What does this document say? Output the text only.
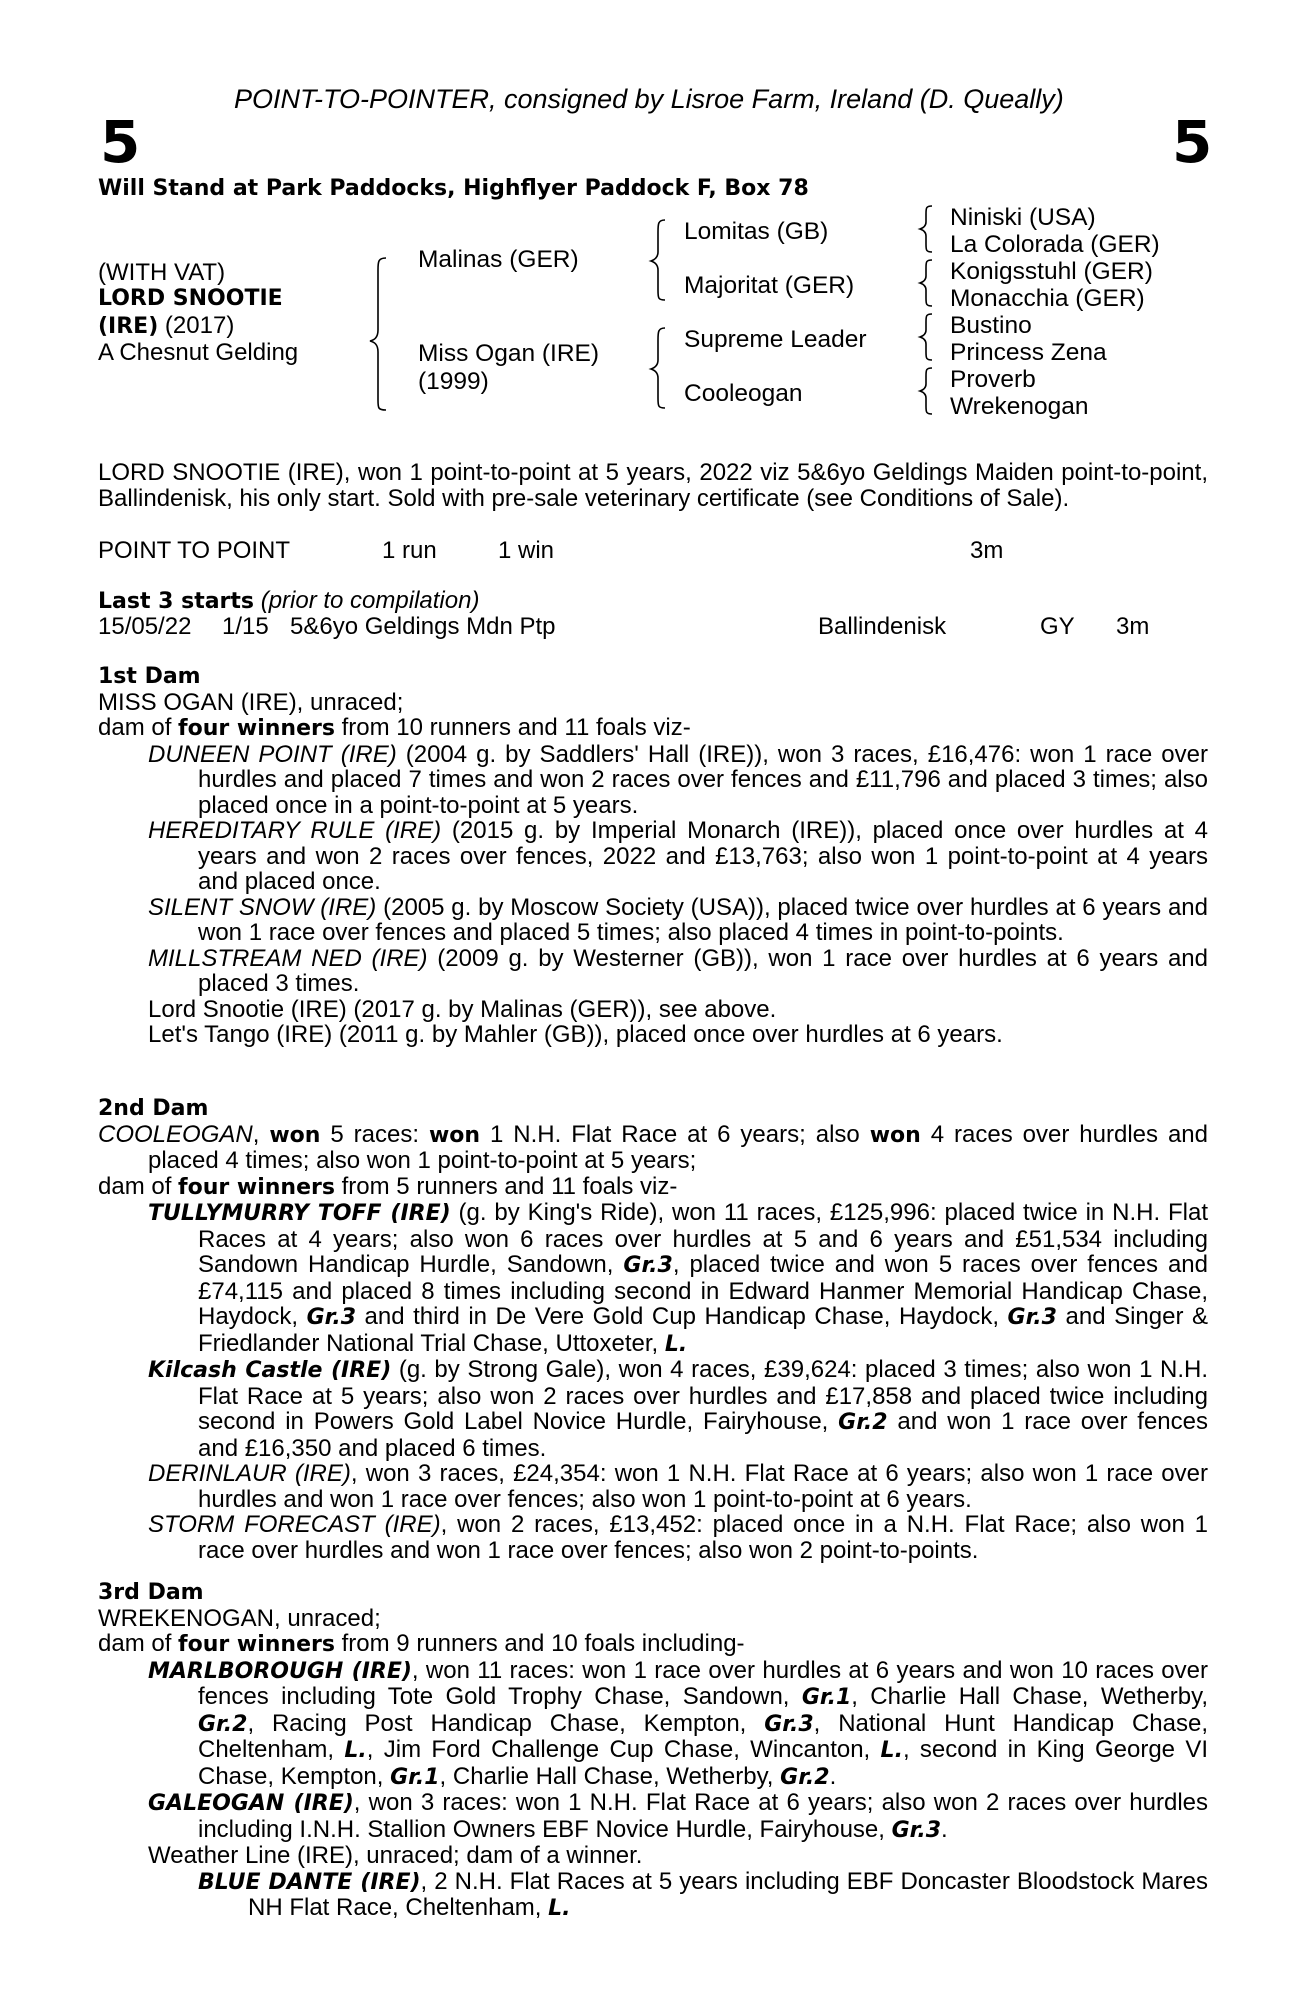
POINT-TO-POINTER, consigned by Lisroe Farm, Ireland (D. Queally)
5	5
Will Stand at Park Paddocks, Highflyer Paddock F, Box 78
(WITH VAT)
LORD SNOOTIE
(IRE) (2017)
A Chesnut Gelding
Malinas (GER)
Miss Ogan (IRE)
(1999)
Lomitas (GB)
Majoritat (GER)
Supreme Leader
Cooleogan
Niniski (USA)
La Colorada (GER)
Konigsstuhl (GER)
Monacchia (GER)
Bustino
Princess Zena
Proverb
Wrekenogan
LORD SNOOTIE (IRE), won 1 point-to-point at 5 years, 2022 viz 5&6yo Geldings Maiden point-to-point, Ballindenisk, his only start. Sold with pre-sale veterinary certificate (see Conditions of Sale).
POINT TO POINT	1 run	1 win	3m
Last 3 starts (prior to compilation)
15/05/22 1/15 5&6yo Geldings Mdn Ptp	Ballindenisk	GY 3m

1st Dam

MISS OGAN (IRE), unraced;

dam of four winners from 10 runners and 11 foals viz-

DUNEEN POINT (IRE) (2004 g. by Saddlers' Hall (IRE)), won 3 races, £16,476: won 1 race over hurdles and placed 7 times and won 2 races over fences and £11,796 and placed 3 times; also placed once in a point-to-point at 5 years.

HEREDITARY RULE (IRE) (2015 g. by Imperial Monarch (IRE)), placed once over hurdles at 4 years and won 2 races over fences, 2022 and £13,763; also won 1 point-to-point at 4 years and placed once.

SILENT SNOW (IRE) (2005 g. by Moscow Society (USA)), placed twice over hurdles at 6 years and won 1 race over fences and placed 5 times; also placed 4 times in point-to-points.

MILLSTREAM NED (IRE) (2009 g. by Westerner (GB)), won 1 race over hurdles at 6 years and placed 3 times.

Lord Snootie (IRE) (2017 g. by Malinas (GER)), see above.

Let's Tango (IRE) (2011 g. by Mahler (GB)), placed once over hurdles at 6 years.

2nd Dam

COOLEOGAN, won 5 races: won 1 N.H. Flat Race at 6 years; also won 4 races over hurdles and placed 4 times; also won 1 point-to-point at 5 years;

dam of four winners from 5 runners and 11 foals viz-

TULLYMURRY TOFF (IRE) (g. by King's Ride), won 11 races, £125,996: placed twice in N.H. Flat Races at 4 years; also won 6 races over hurdles at 5 and 6 years and £51,534 including Sandown Handicap Hurdle, Sandown, Gr.3, placed twice and won 5 races over fences and £74,115 and placed 8 times including second in Edward Hanmer Memorial Handicap Chase, Haydock, Gr.3 and third in De Vere Gold Cup Handicap Chase, Haydock, Gr.3 and Singer & Friedlander National Trial Chase, Uttoxeter, L.

Kilcash Castle (IRE) (g. by Strong Gale), won 4 races, £39,624: placed 3 times; also won 1 N.H. Flat Race at 5 years; also won 2 races over hurdles and £17,858 and placed twice including second in Powers Gold Label Novice Hurdle, Fairyhouse, Gr.2 and won 1 race over fences and £16,350 and placed 6 times.

DERINLAUR (IRE), won 3 races, £24,354: won 1 N.H. Flat Race at 6 years; also won 1 race over hurdles and won 1 race over fences; also won 1 point-to-point at 6 years.

STORM FORECAST (IRE), won 2 races, £13,452: placed once in a N.H. Flat Race; also won 1 race over hurdles and won 1 race over fences; also won 2 point-to-points.

3rd Dam

WREKENOGAN, unraced;

dam of four winners from 9 runners and 10 foals including-

MARLBOROUGH (IRE), won 11 races: won 1 race over hurdles at 6 years and won 10 races over fences including Tote Gold Trophy Chase, Sandown, Gr.1, Charlie Hall Chase, Wetherby, Gr.2, Racing Post Handicap Chase, Kempton, Gr.3, National Hunt Handicap Chase, Cheltenham, L., Jim Ford Challenge Cup Chase, Wincanton, L., second in King George VI Chase, Kempton, Gr.1, Charlie Hall Chase, Wetherby, Gr.2.

GALEOGAN (IRE), won 3 races: won 1 N.H. Flat Race at 6 years; also won 2 races over hurdles including I.N.H. Stallion Owners EBF Novice Hurdle, Fairyhouse, Gr.3.

Weather Line (IRE), unraced; dam of a winner.

BLUE DANTE (IRE), 2 N.H. Flat Races at 5 years including EBF Doncaster Bloodstock Mares NH Flat Race, Cheltenham, L.
